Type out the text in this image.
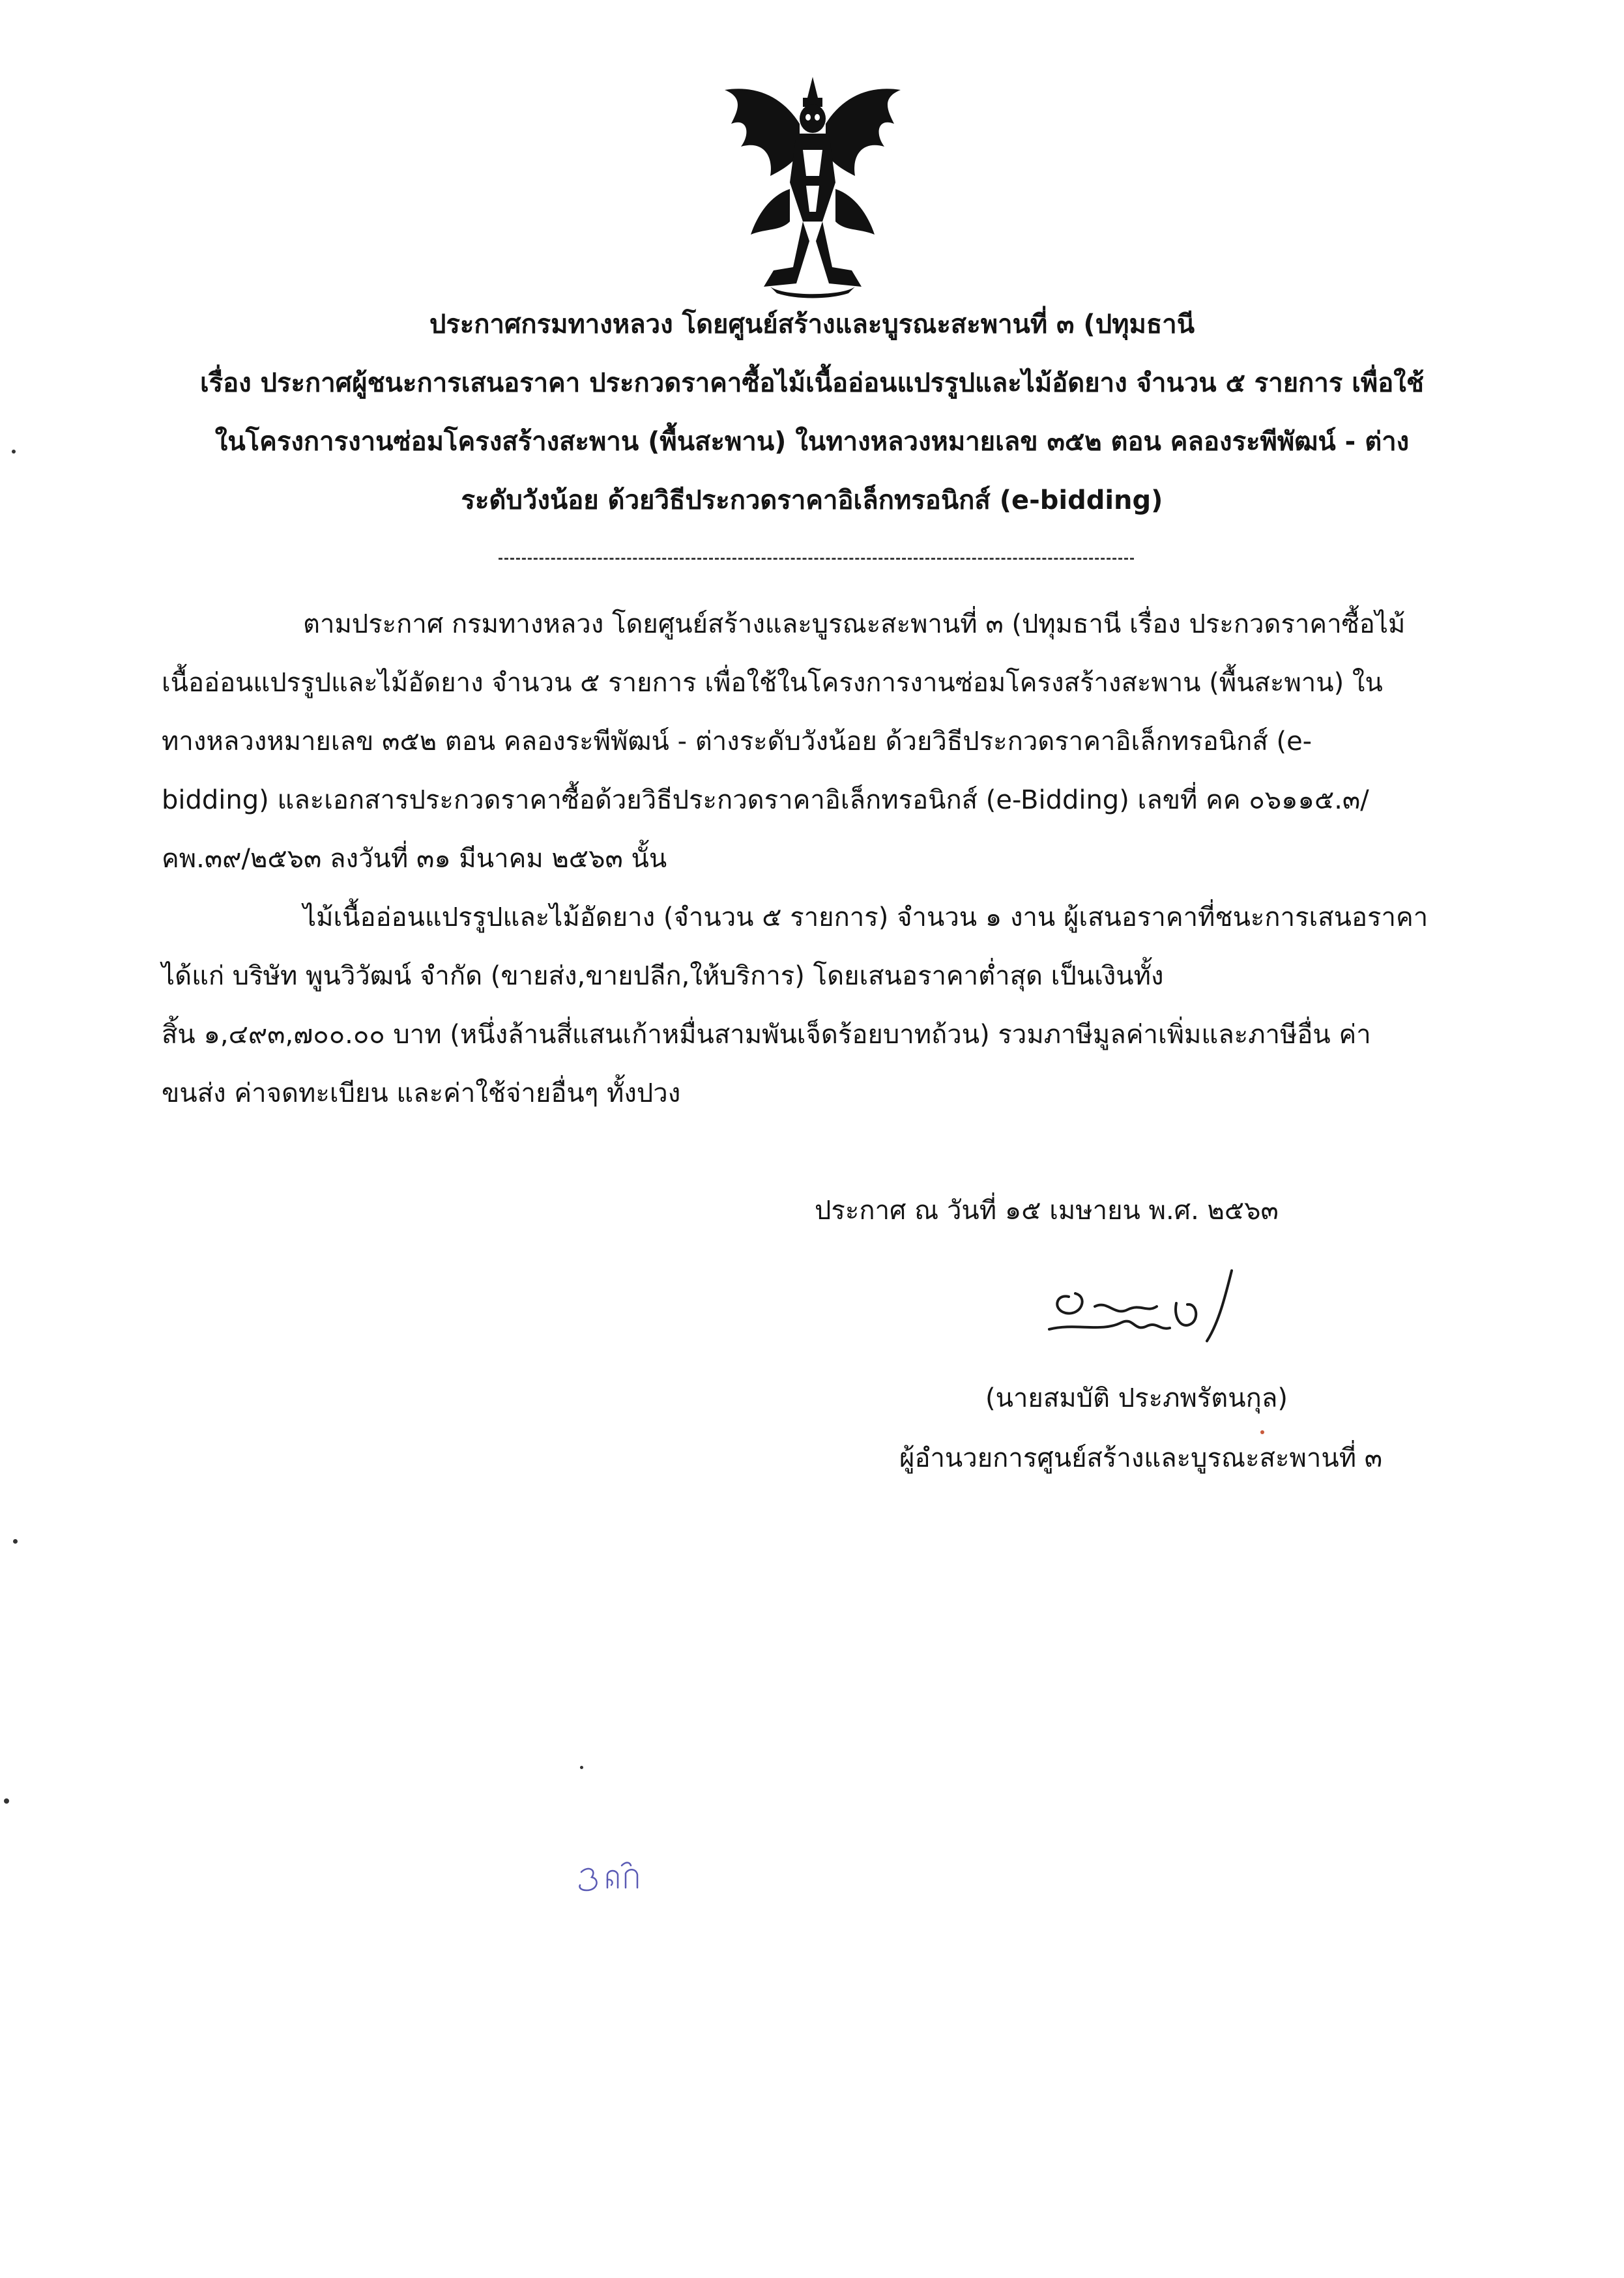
ประกาศกรมทางหลวง โดยศูนย์สร้างและบูรณะสะพานที่ ๓ (ปทุมธานี
เรื่อง ประกาศผู้ชนะการเสนอราคา ประกวดราคาซื้อไม้เนื้ออ่อนแปรรูปและไม้อัดยาง จำนวน ๕ รายการ เพื่อใช้
ในโครงการงานซ่อมโครงสร้างสะพาน (พื้นสะพาน) ในทางหลวงหมายเลข ๓๕๒ ตอน คลองระพีพัฒน์ - ต่าง
ระดับวังน้อย ด้วยวิธีประกวดราคาอิเล็กทรอนิกส์ (e-bidding)
ตามประกาศ กรมทางหลวง โดยศูนย์สร้างและบูรณะสะพานที่ ๓ (ปทุมธานี เรื่อง ประกวดราคาซื้อไม้
เนื้ออ่อนแปรรูปและไม้อัดยาง จำนวน ๕ รายการ เพื่อใช้ในโครงการงานซ่อมโครงสร้างสะพาน (พื้นสะพาน) ใน
ทางหลวงหมายเลข ๓๕๒ ตอน คลองระพีพัฒน์ - ต่างระดับวังน้อย ด้วยวิธีประกวดราคาอิเล็กทรอนิกส์ (e-
bidding) และเอกสารประกวดราคาซื้อด้วยวิธีประกวดราคาอิเล็กทรอนิกส์ (e-Bidding) เลขที่ คค ๐๖๑๑๕.๓/
คพ.๓๙/๒๕๖๓ ลงวันที่ ๓๑ มีนาคม ๒๕๖๓ นั้น
ไม้เนื้ออ่อนแปรรูปและไม้อัดยาง (จำนวน ๕ รายการ) จำนวน ๑ งาน ผู้เสนอราคาที่ชนะการเสนอราคา
ได้แก่ บริษัท พูนวิวัฒน์ จำกัด (ขายส่ง,ขายปลีก,ให้บริการ) โดยเสนอราคาต่ำสุด เป็นเงินทั้ง
สิ้น ๑,๔๙๓,๗๐๐.๐๐ บาท (หนึ่งล้านสี่แสนเก้าหมื่นสามพันเจ็ดร้อยบาทถ้วน) รวมภาษีมูลค่าเพิ่มและภาษีอื่น ค่า
ขนส่ง ค่าจดทะเบียน และค่าใช้จ่ายอื่นๆ ทั้งปวง
ประกาศ ณ วันที่ ๑๕ เมษายน พ.ศ. ๒๕๖๓
(นายสมบัติ ประภพรัตนกุล)
ผู้อำนวยการศูนย์สร้างและบูรณะสะพานที่ ๓
